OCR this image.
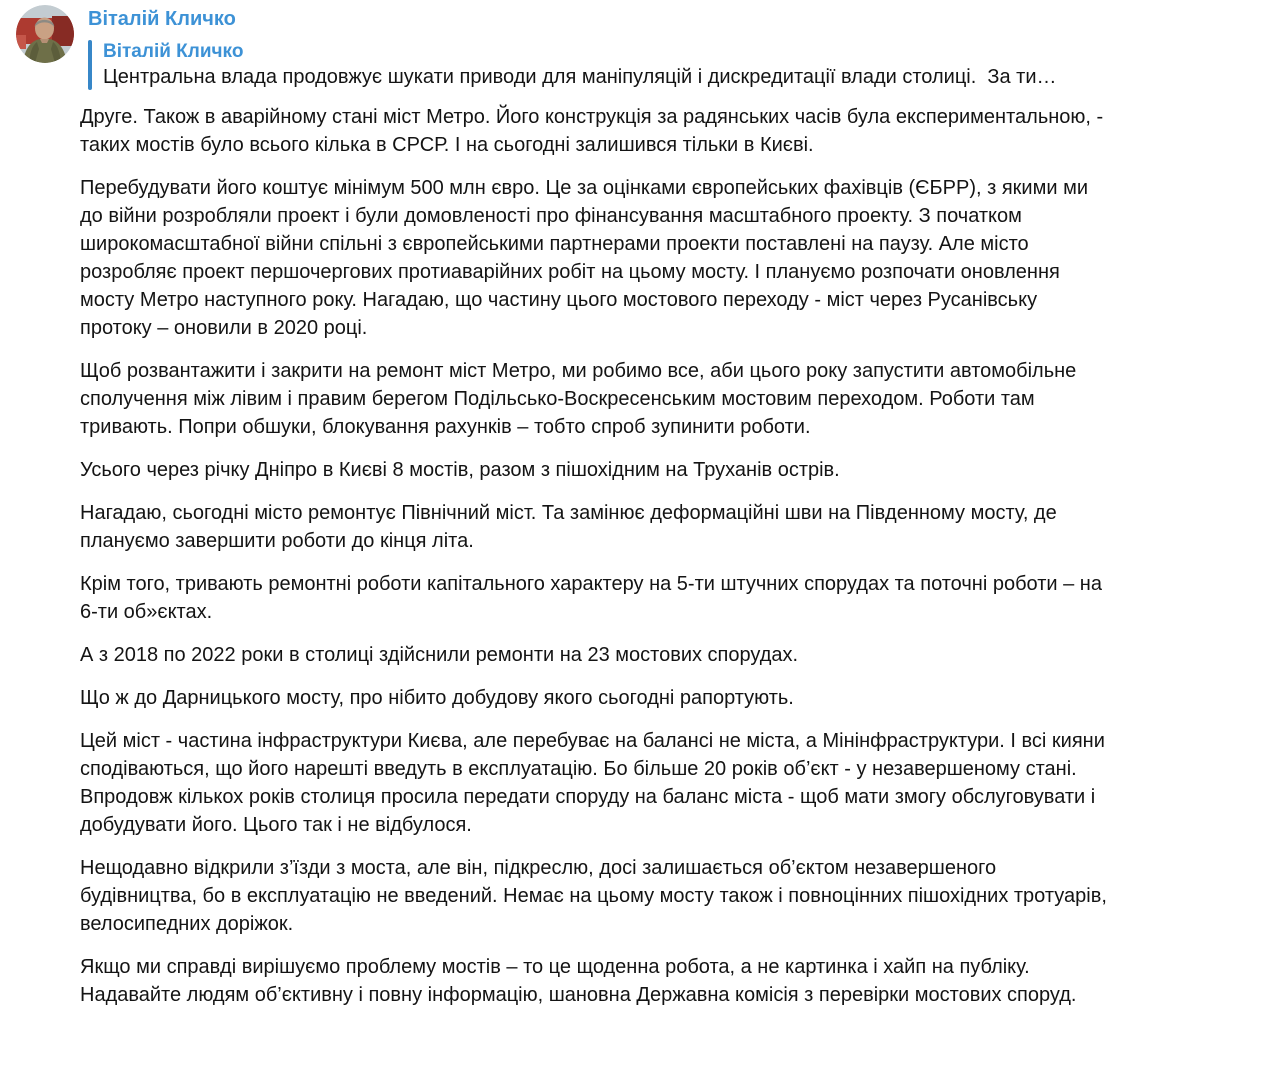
Віталій Кличко
Віталій Кличко
Центральна влада продовжує шукати приводи для маніпуляцій і дискредитації влади столиці.  За ти…

Друге. Також в аварійному стані міст Метро. Його конструкція за радянських часів була експериментальною, - таких мостів було всього кілька в СРСР. І на сьогодні залишився тільки в Києві.

Перебудувати його коштує мінімум 500 млн євро. Це за оцінками європейських фахівців (ЄБРР), з якими ми до війни розробляли проект і були домовленості про фінансування масштабного проекту. З початком широкомасштабної війни спільні з європейськими партнерами проекти поставлені на паузу. Але місто розробляє проект першочергових протиаварійних робіт на цьому мосту. І плануємо розпочати оновлення мосту Метро наступного року. Нагадаю, що частину цього мостового переходу - міст через Русанівську протоку – оновили в 2020 році.

Щоб розвантажити і закрити на ремонт міст Метро, ми робимо все, аби цього року запустити автомобільне сполучення між лівим і правим берегом Подільсько-Воскресенським мостовим переходом. Роботи там тривають. Попри обшуки, блокування рахунків – тобто спроб зупинити роботи.

Усього через річку Дніпро в Києві 8 мостів, разом з пішохідним на Труханів острів.

Нагадаю, сьогодні місто ремонтує Північний міст. Та замінює деформаційні шви на Південному мосту, де плануємо завершити роботи до кінця літа.

Крім того, тривають ремонтні роботи капітального характеру на 5-ти штучних спорудах та поточні роботи – на 6-ти об»єктах.

А з 2018 по 2022 роки в столиці здійснили ремонти на 23 мостових спорудах.

Що ж до Дарницького мосту, про нібито добудову якого сьогодні рапортують.

Цей міст - частина інфраструктури Києва, але перебуває на балансі не міста, а Мінінфраструктури. І всі кияни сподіваються, що його нарешті введуть в експлуатацію. Бо більше 20 років об’єкт - у незавершеному стані. Впродовж кількох років столиця просила передати споруду на баланс міста - щоб мати змогу обслуговувати і добудувати його. Цього так і не відбулося.

Нещодавно відкрили з’їзди з моста, але він, підкреслю, досі залишається об’єктом незавершеного будівництва, бо в експлуатацію не введений. Немає на цьому мосту також і повноцінних пішохідних тротуарів, велосипедних доріжок.

Якщо ми справді вирішуємо проблему мостів – то це щоденна робота, а не картинка і хайп на публіку. Надавайте людям об’єктивну і повну інформацію, шановна Державна комісія з перевірки мостових споруд.
